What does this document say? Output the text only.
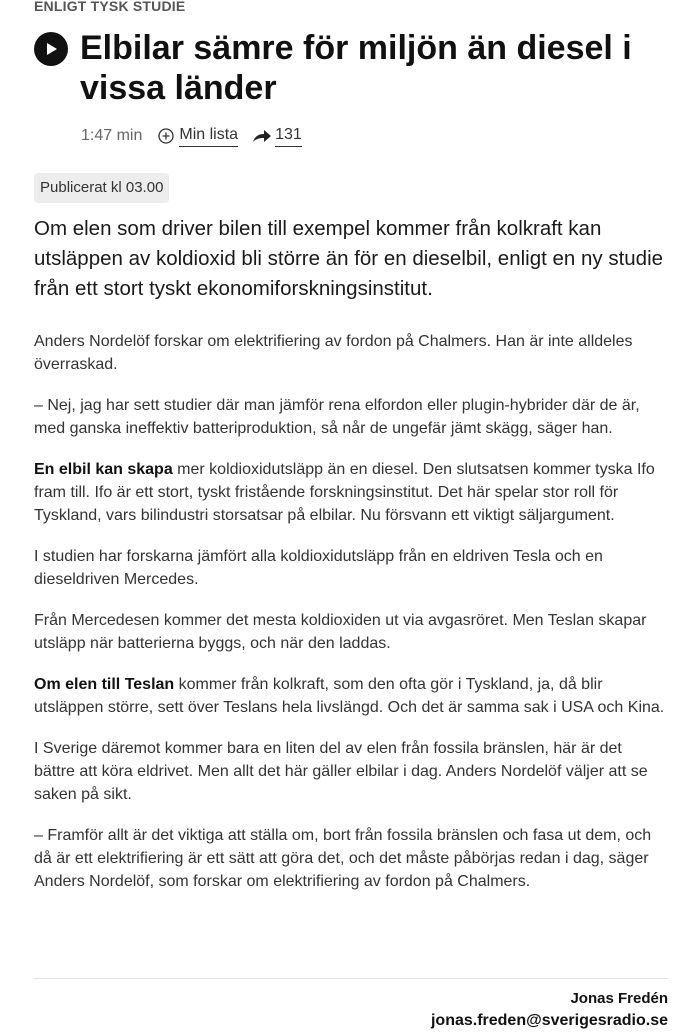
ENLIGT TYSK STUDIE
Elbilar sämre för miljön än diesel i vissa länder
1:47 min Min lista 131
Publicerat kl 03.00

Om elen som driver bilen till exempel kommer från kolkraft kan utsläppen av koldioxid bli större än för en dieselbil, enligt en ny studie från ett stort tyskt ekonomiforskningsinstitut.

Anders Nordelöf forskar om elektrifiering av fordon på Chalmers. Han är inte alldeles överraskad.

– Nej, jag har sett studier där man jämför rena elfordon eller plugin-hybrider där de är, med ganska ineffektiv batteriproduktion, så når de ungefär jämt skägg, säger han.

En elbil kan skapa mer koldioxidutsläpp än en diesel. Den slutsatsen kommer tyska Ifo fram till. Ifo är ett stort, tyskt fristående forskningsinstitut. Det här spelar stor roll för Tyskland, vars bilindustri storsatsar på elbilar. Nu försvann ett viktigt säljargument.

I studien har forskarna jämfört alla koldioxidutsläpp från en eldriven Tesla och en dieseldriven Mercedes.

Från Mercedesen kommer det mesta koldioxiden ut via avgasröret. Men Teslan skapar utsläpp när batterierna byggs, och när den laddas.

Om elen till Teslan kommer från kolkraft, som den ofta gör i Tyskland, ja, då blir utsläppen större, sett över Teslans hela livslängd. Och det är samma sak i USA och Kina.

I Sverige däremot kommer bara en liten del av elen från fossila bränslen, här är det bättre att köra eldrivet. Men allt det här gäller elbilar i dag. Anders Nordelöf väljer att se saken på sikt.

– Framför allt är det viktiga att ställa om, bort från fossila bränslen och fasa ut dem, och då är ett elektrifiering är ett sätt att göra det, och det måste påbörjas redan i dag, säger Anders Nordelöf, som forskar om elektrifiering av fordon på Chalmers.

Jonas Fredén
jonas.freden@sverigesradio.se
